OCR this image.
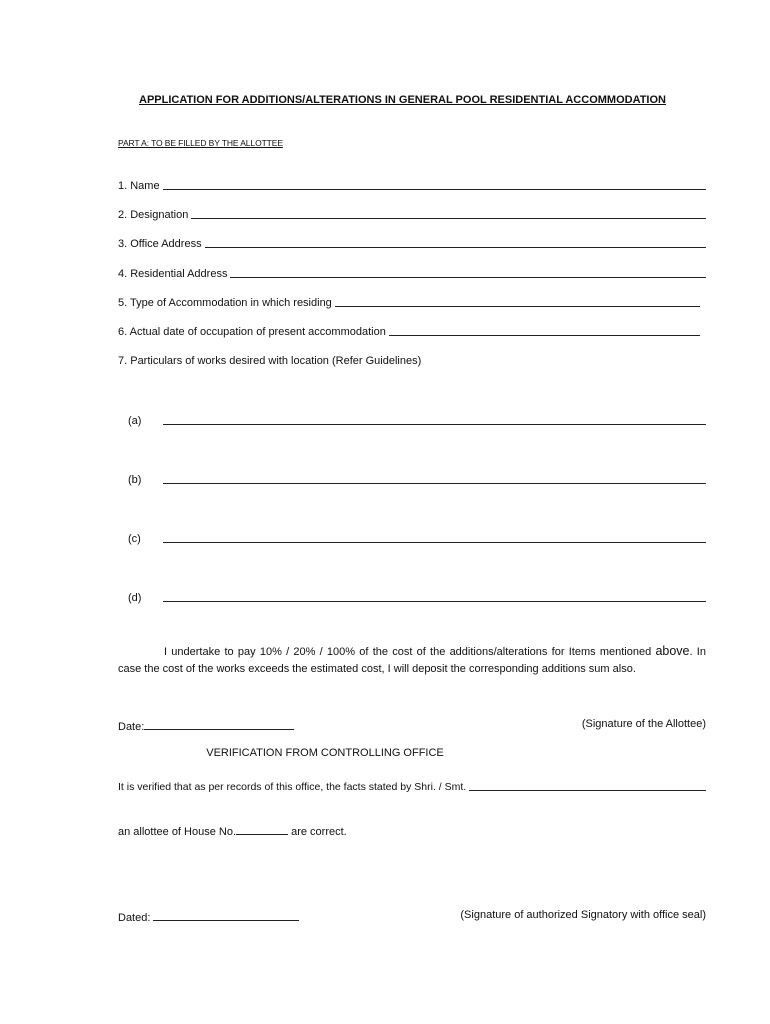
APPLICATION FOR ADDITIONS/ALTERATIONS IN GENERAL POOL RESIDENTIAL ACCOMMODATION
PART A: TO BE FILLED BY THE ALLOTTEE
1. Name
2. Designation
3. Office Address
4. Residential Address
5. Type of Accommodation in which residing
6. Actual date of occupation of present accommodation
7. Particulars of works desired with location (Refer Guidelines)
(a)
(b)
(c)
(d)
I undertake to pay 10% / 20% / 100% of the cost of the additions/alterations for Items mentioned above. In case the cost of the works exceeds the estimated cost, I will deposit the corresponding additions sum also.
Date:	(Signature of the Allottee)
VERIFICATION FROM CONTROLLING OFFICE
It is verified that as per records of this office, the facts stated by Shri. / Smt.
an allottee of House No.	are correct.
Dated:	(Signature of authorized Signatory with office seal)
